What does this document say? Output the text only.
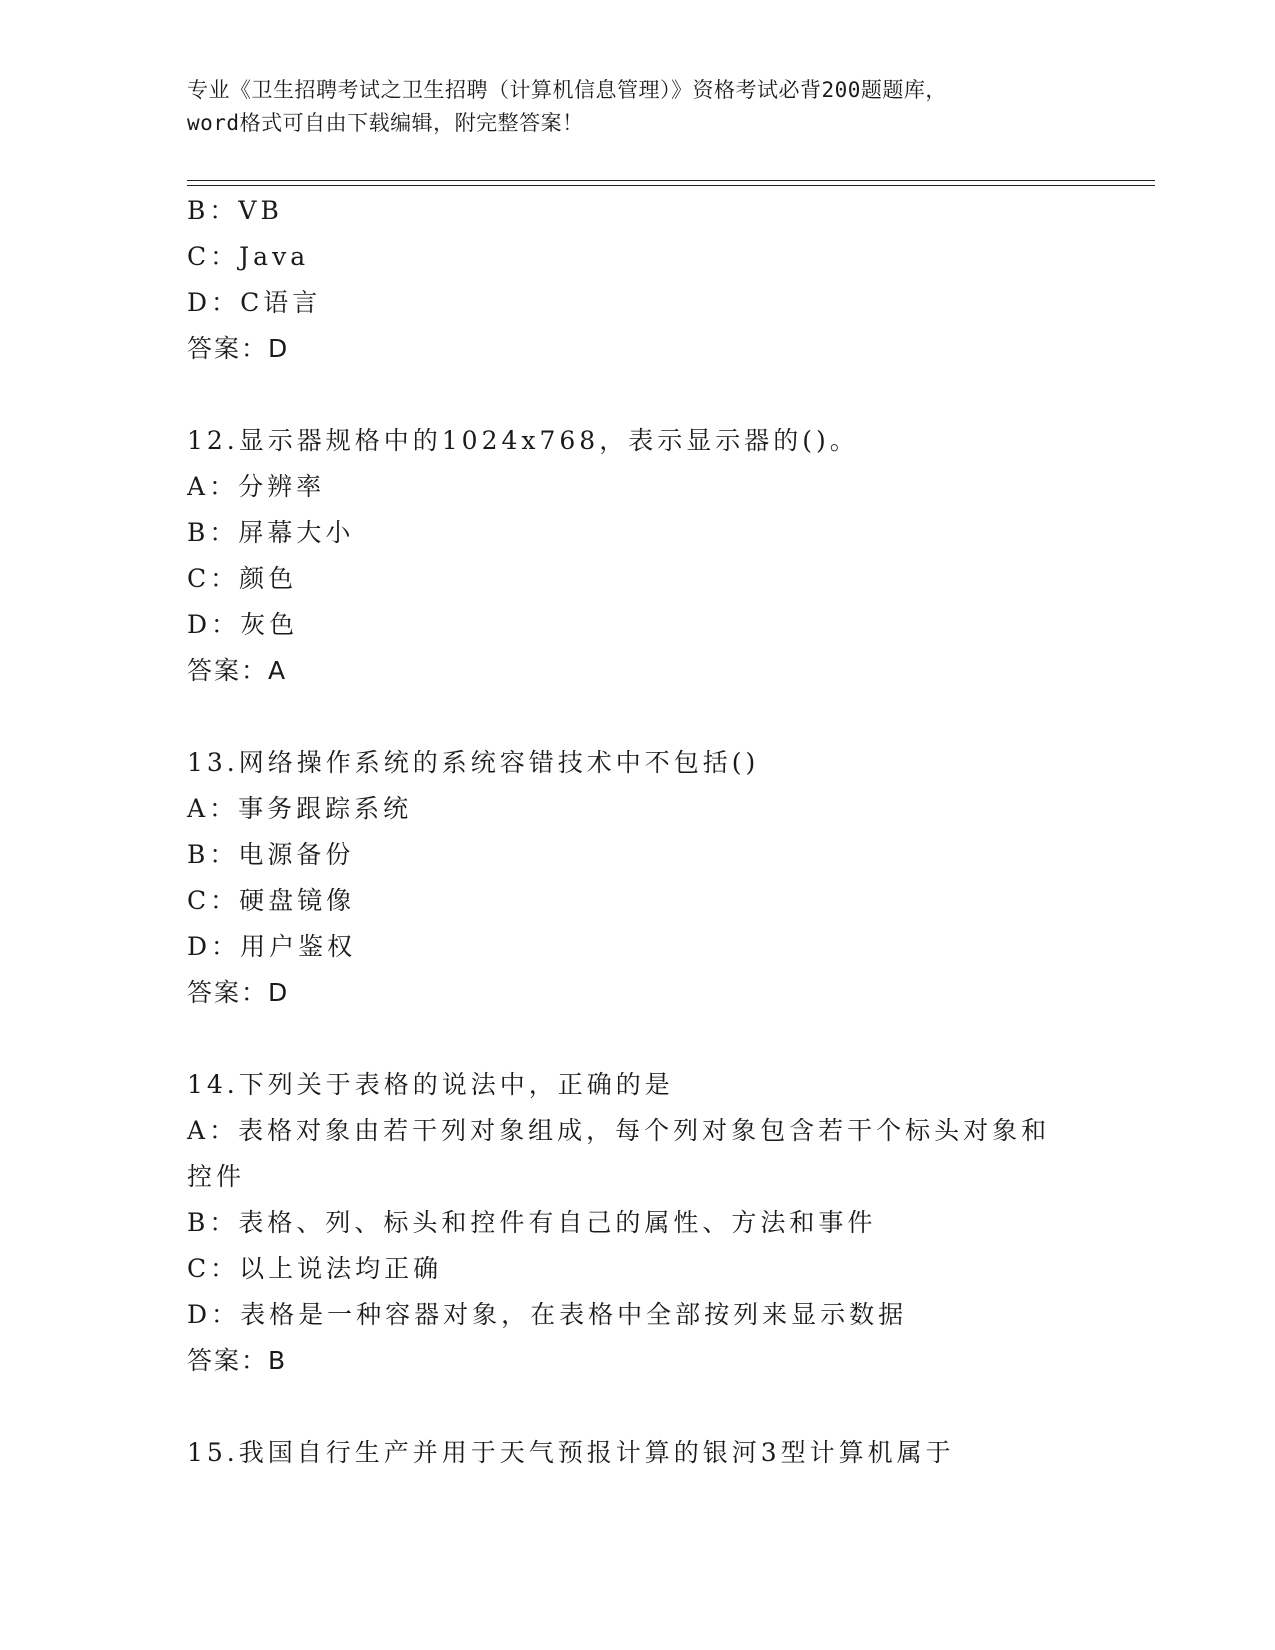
专业《卫生招聘考试之卫生招聘（计算机信息管理）》资格考试必背200题题库，
word格式可自由下载编辑，附完整答案！
B：VB
C：Java
D：C语言
答案：D
12.显示器规格中的1024x768，表示显示器的()。
A：分辨率
B：屏幕大小
C：颜色
D：灰色
答案：A
13.网络操作系统的系统容错技术中不包括()
A：事务跟踪系统
B：电源备份
C：硬盘镜像
D：用户鉴权
答案：D
14.下列关于表格的说法中，正确的是
A：表格对象由若干列对象组成，每个列对象包含若干个标头对象和控件
B：表格、列、标头和控件有自己的属性、方法和事件
C：以上说法均正确
D：表格是一种容器对象，在表格中全部按列来显示数据
答案：B
15.我国自行生产并用于天气预报计算的银河3型计算机属于
